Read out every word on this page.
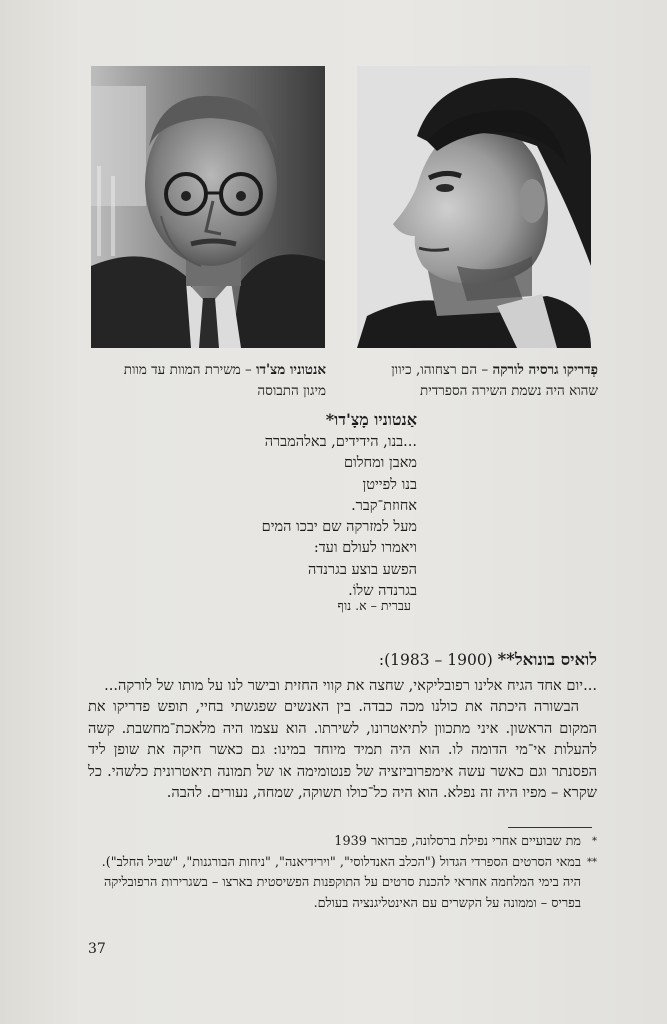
פְדריקו גרסיה לורקה – הם רצחוהו, כיוון
שהוא היה נשמת השירה הספרדית
אנטוניו מצ'דו – משירת המוות עד מוות
מיגון התבוסה
אַנטוניו מָצָ'דו*
...בנו, הידידים, באלהמברה
מאבן ומחלום
בנו לפייטן
אחוזת־קבר.
מעל למזרקה שם יבכו המים
ויאמרו לעולם ועד:
הפשע בוצע בגרנדה
בגרנדה שלוֹ.
עברית – א. נוף
לואיס בונואל** (1900 – 1983):

...יום אחד הגיח אלינו רפובליקאי, שחצה את קווי החזית ובישר לנו על מותו של לורקה...

הבשורה היכתה את כולנו מכה כבדה. בין האנשים שפגשתי בחיי, תופש פדריקו את המקום הראשון. איני מתכוון לתיאטרונו, לשירתו. הוא עצמו היה מלאכת־מחשבת. קשה להעלות אי־מי הדומה לו. הוא היה תמיד מיוחד במינו: גם כאשר חיקה את שופן ליד הפסנתר וגם כאשר עשה אימפרוביזציה של פנטומימה או של תמונה תיאטרונית כלשהי. כל שקרא – מפיו היה זה נפלא. הוא היה כל־כולו תשוקה, שמחה, נעורים. להבה.

*
מת שבועיים אחרי נפילת ברסלונה, פברואר 1939
**
במאי הסרטים הספרדי הגדול ("הכלב האנדלוסי", "וירידיאנה", "ניחות הבורגנות", "שביל החלב"). היה בימי המלחמה אחראי להכנת סרטים על התוקפנות הפשיסטית בארצו – בשגרירות הרפובליקה בפריס – וממונה על הקשרים עם האינטליגנציה בעולם.
37
